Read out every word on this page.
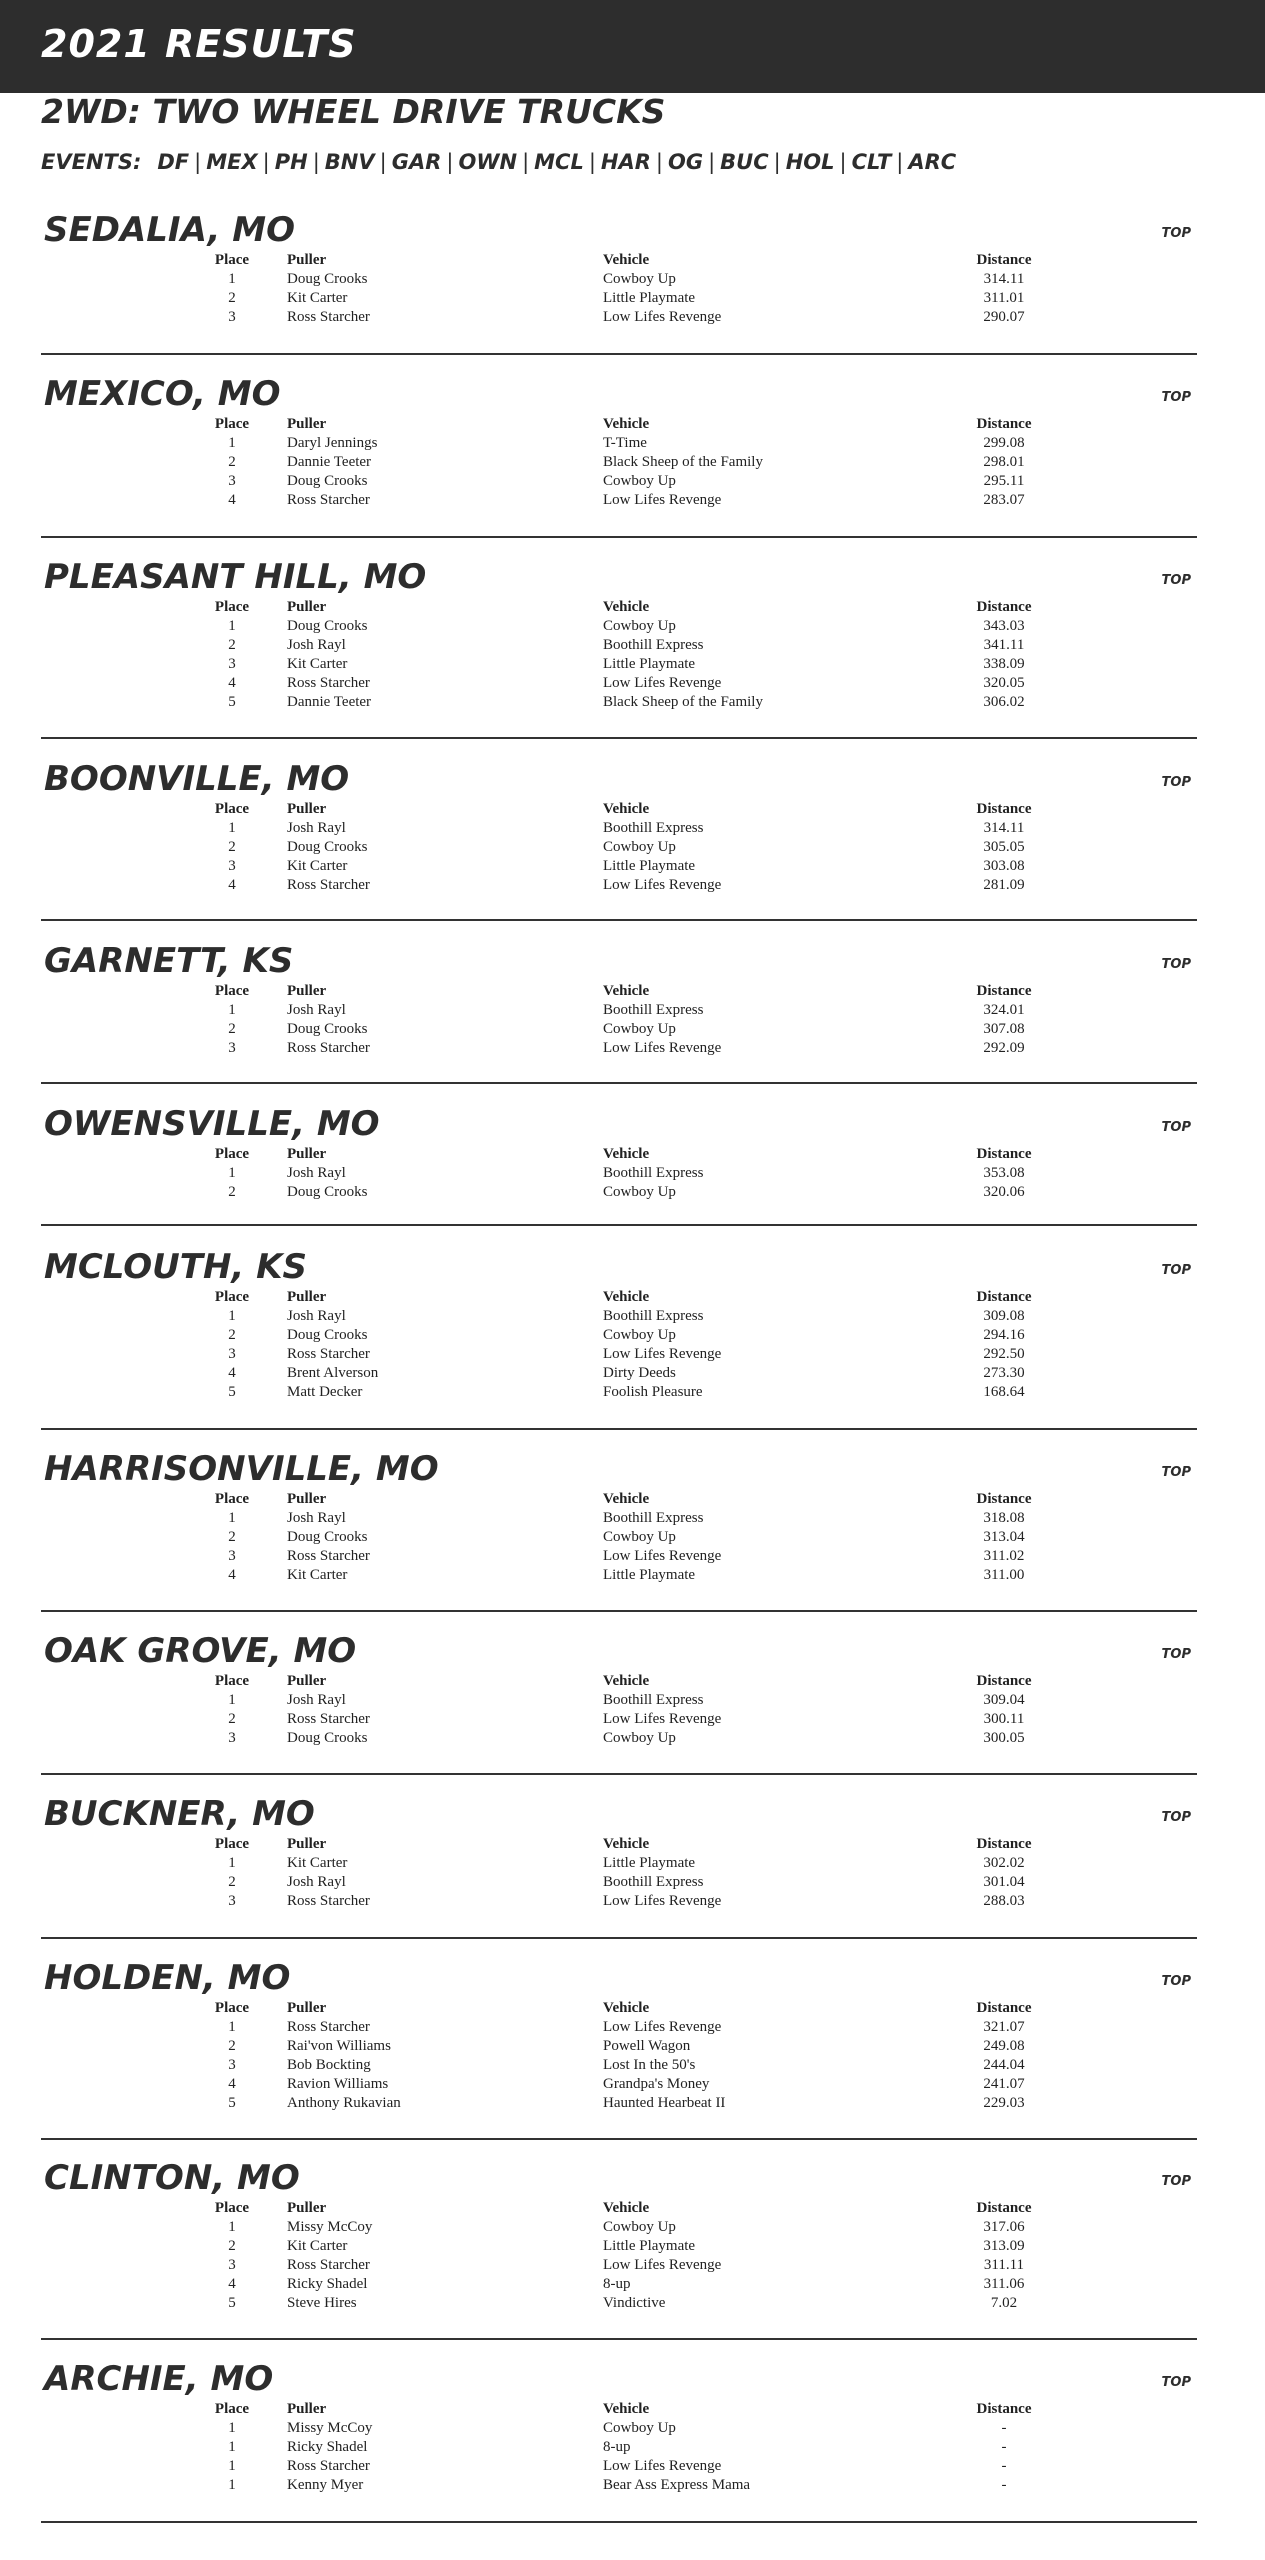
2021 RESULTS
2WD: TWO WHEEL DRIVE TRUCKS
EVENTS: DF | MEX | PH | BNV | GAR | OWN | MCL | HAR | OG | BUC | HOL | CLT | ARC
SEDALIA, MO	TOP
Place	Puller	Vehicle	Distance
1	Doug Crooks	Cowboy Up	314.11
2	Kit Carter	Little Playmate	311.01
3	Ross Starcher	Low Lifes Revenge	290.07
MEXICO, MO	TOP
Place	Puller	Vehicle	Distance
1	Daryl Jennings	T-Time	299.08
2	Dannie Teeter	Black Sheep of the Family	298.01
3	Doug Crooks	Cowboy Up	295.11
4	Ross Starcher	Low Lifes Revenge	283.07
PLEASANT HILL, MO	TOP
Place	Puller	Vehicle	Distance
1	Doug Crooks	Cowboy Up	343.03
2	Josh Rayl	Boothill Express	341.11
3	Kit Carter	Little Playmate	338.09
4	Ross Starcher	Low Lifes Revenge	320.05
5	Dannie Teeter	Black Sheep of the Family	306.02
BOONVILLE, MO	TOP
Place	Puller	Vehicle	Distance
1	Josh Rayl	Boothill Express	314.11
2	Doug Crooks	Cowboy Up	305.05
3	Kit Carter	Little Playmate	303.08
4	Ross Starcher	Low Lifes Revenge	281.09
GARNETT, KS	TOP
Place	Puller	Vehicle	Distance
1	Josh Rayl	Boothill Express	324.01
2	Doug Crooks	Cowboy Up	307.08
3	Ross Starcher	Low Lifes Revenge	292.09
OWENSVILLE, MO	TOP
Place	Puller	Vehicle	Distance
1	Josh Rayl	Boothill Express	353.08
2	Doug Crooks	Cowboy Up	320.06
MCLOUTH, KS	TOP
Place	Puller	Vehicle	Distance
1	Josh Rayl	Boothill Express	309.08
2	Doug Crooks	Cowboy Up	294.16
3	Ross Starcher	Low Lifes Revenge	292.50
4	Brent Alverson	Dirty Deeds	273.30
5	Matt Decker	Foolish Pleasure	168.64
HARRISONVILLE, MO	TOP
Place	Puller	Vehicle	Distance
1	Josh Rayl	Boothill Express	318.08
2	Doug Crooks	Cowboy Up	313.04
3	Ross Starcher	Low Lifes Revenge	311.02
4	Kit Carter	Little Playmate	311.00
OAK GROVE, MO	TOP
Place	Puller	Vehicle	Distance
1	Josh Rayl	Boothill Express	309.04
2	Ross Starcher	Low Lifes Revenge	300.11
3	Doug Crooks	Cowboy Up	300.05
BUCKNER, MO	TOP
Place	Puller	Vehicle	Distance
1	Kit Carter	Little Playmate	302.02
2	Josh Rayl	Boothill Express	301.04
3	Ross Starcher	Low Lifes Revenge	288.03
HOLDEN, MO	TOP
Place	Puller	Vehicle	Distance
1	Ross Starcher	Low Lifes Revenge	321.07
2	Rai'von Williams	Powell Wagon	249.08
3	Bob Bockting	Lost In the 50's	244.04
4	Ravion Williams	Grandpa's Money	241.07
5	Anthony Rukavian	Haunted Hearbeat II	229.03
CLINTON, MO	TOP
Place	Puller	Vehicle	Distance
1	Missy McCoy	Cowboy Up	317.06
2	Kit Carter	Little Playmate	313.09
3	Ross Starcher	Low Lifes Revenge	311.11
4	Ricky Shadel	8-up	311.06
5	Steve Hires	Vindictive	7.02
ARCHIE, MO	TOP
Place	Puller	Vehicle	Distance
1	Missy McCoy	Cowboy Up	-
1	Ricky Shadel	8-up	-
1	Ross Starcher	Low Lifes Revenge	-
1	Kenny Myer	Bear Ass Express Mama	-
